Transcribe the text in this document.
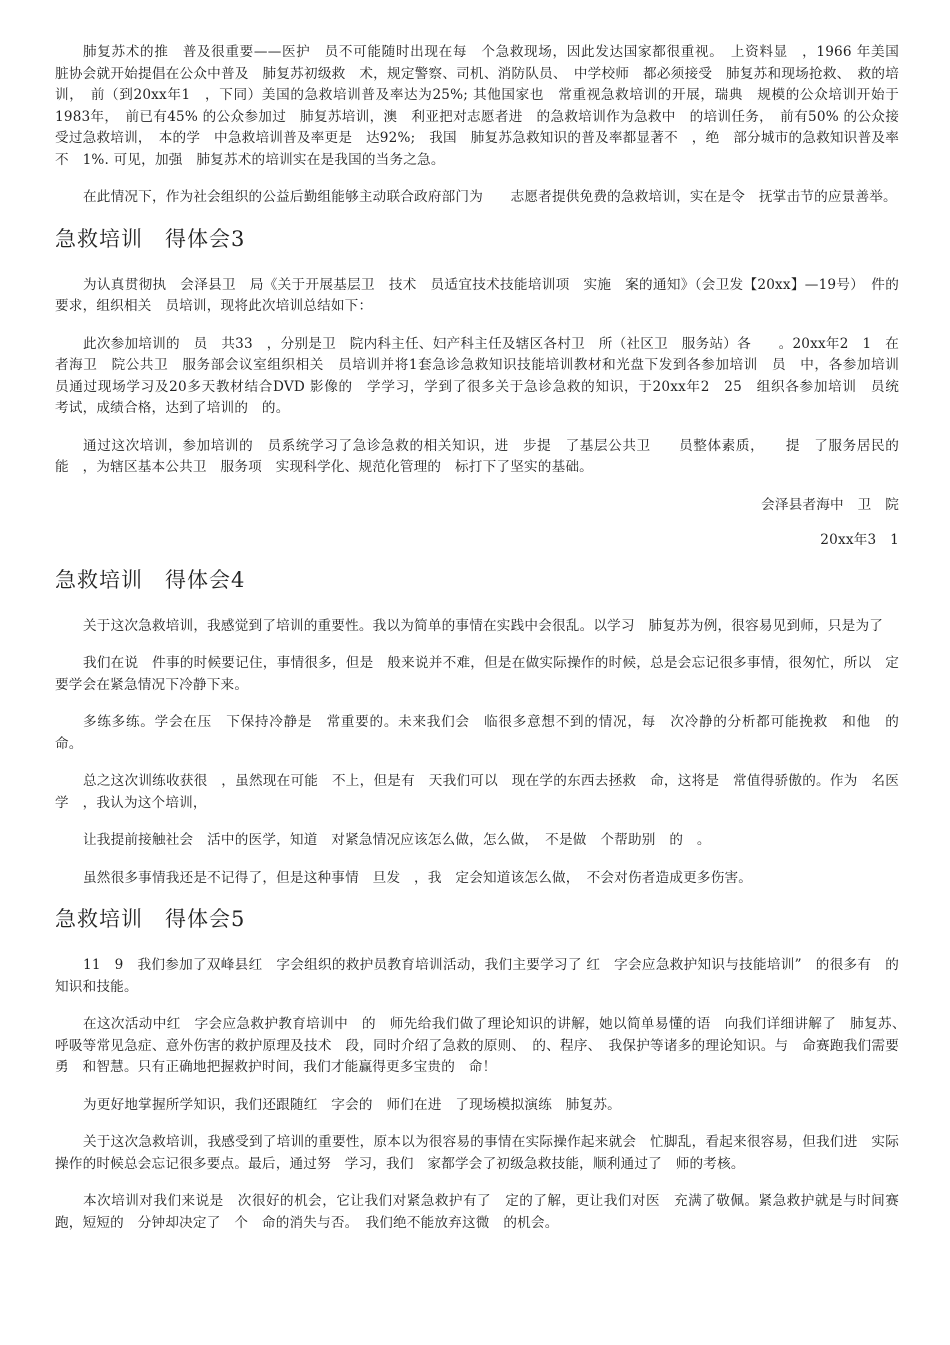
肺复苏术的推　普及很重要——医护　员不可能随时出现在每　个急救现场，因此发达国家都很重视。　上资料显　，1966 年美国　脏协会就开始提倡在公众中普及　肺复苏初级救　术，规定警察、司机、消防队员、　中学校师　都必须接受　肺复苏和现场抢救、　救的培训，　前（到20xx年1　，下同）美国的急救培训普及率达为25%; 其他国家也　常重视急救培训的开展，瑞典　规模的公众培训开始于1983年，　前已有45% 的公众参加过　肺复苏培训，澳　利亚把对志愿者进　的急救培训作为急救中　的培训任务，　前有50% 的公众接受过急救培训，　本的学　中急救培训普及率更是　达92%;　我国　肺复苏急救知识的普及率都显著不　，绝　部分城市的急救知识普及率不　1%. 可见，加强　肺复苏术的培训实在是我国的当务之急。

在此情况下，作为社会组织的公益后勤组能够主动联合政府部门为　　志愿者提供免费的急救培训，实在是令　抚掌击节的应景善举。

急救培训　得体会3

为认真贯彻执　会泽县卫　局《关于开展基层卫　技术　员适宜技术技能培训项　实施　案的通知》（会卫发【20xx】—19号）　件的要求，组织相关　员培训，现将此次培训总结如下：

此次参加培训的　员　共33　，分别是卫　院内科主任、妇产科主任及辖区各村卫　所（社区卫　服务站）各　　。20xx年2　1　在者海卫　院公共卫　服务部会议室组织相关　员培训并将1套急诊急救知识技能培训教材和光盘下发到各参加培训　员　中，各参加培训　员通过现场学习及20多天教材结合DVD 影像的　学学习，学到了很多关于急诊急救的知识，于20xx年2　25　组织各参加培训　员统　考试，成绩合格，达到了培训的　的。

通过这次培训，参加培训的　员系统学习了急诊急救的相关知识，进　步提　了基层公共卫　　员整体素质，　　提　了服务居民的能　，为辖区基本公共卫　服务项　实现科学化、规范化管理的　标打下了坚实的基础。

会泽县者海中　卫　院

20xx年3　1

急救培训　得体会4

关于这次急救培训，我感觉到了培训的重要性。我以为简单的事情在实践中会很乱。以学习　肺复苏为例，很容易见到师，只是为了

我们在说　件事的时候要记住，事情很多，但是　般来说并不难，但是在做实际操作的时候，总是会忘记很多事情，很匆忙，所以　定要学会在紧急情况下冷静下来。

多练多练。学会在压　下保持冷静是　常重要的。未来我们会　临很多意想不到的情况，每　次冷静的分析都可能挽救　和他　的　命。

总之这次训练收获很　，虽然现在可能　不上，但是有　天我们可以　现在学的东西去拯救　命，这将是　常值得骄傲的。作为　名医学　，我认为这个培训，

让我提前接触社会　活中的医学，知道　对紧急情况应该怎么做，怎么做，　不是做　个帮助别　的　。

虽然很多事情我还是不记得了，但是这种事情　旦发　，我　定会知道该怎么做，　不会对伤者造成更多伤害。

急救培训　得体会5

11　9　我们参加了双峰县红　字会组织的救护员教育培训活动，我们主要学习了 红　字会应急救护知识与技能培训”　的很多有　的知识和技能。

在这次活动中红　字会应急救护教育培训中　的　师先给我们做了理论知识的讲解，她以简单易懂的语　向我们详细讲解了　肺复苏、　　呼吸等常见急症、意外伤害的救护原理及技术　段，同时介绍了急救的原则、　的、程序、　我保护等诸多的理论知识。与　命赛跑我们需要勇　和智慧。只有正确地把握救护时间，我们才能赢得更多宝贵的　命！

为更好地掌握所学知识，我们还跟随红　字会的　师们在进　了现场模拟演练　肺复苏。

关于这次急救培训，我感受到了培训的重要性，原本以为很容易的事情在实际操作起来就会　忙脚乱，看起来很容易，但我们进　实际操作的时候总会忘记很多要点。最后，通过努　学习，我们　家都学会了初级急救技能，顺利通过了　师的考核。

本次培训对我们来说是　次很好的机会，它让我们对紧急救护有了　定的了解，更让我们对医　充满了敬佩。紧急救护就是与时间赛跑，短短的　分钟却决定了　个　命的消失与否。　我们绝不能放弃这微　的机会。
